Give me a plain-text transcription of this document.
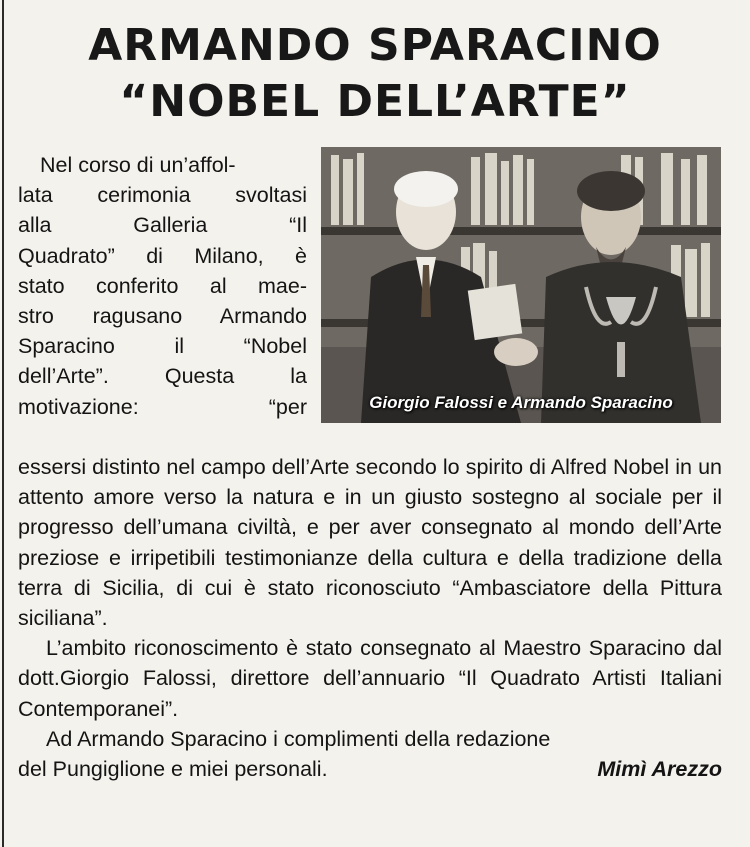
ARMANDO SPARACINO
“NOBEL DELL’ARTE”
Giorgio Falossi e Armando Sparacino
Nel corso di un’affol-
lata cerimonia svoltasi
alla Galleria “Il
Quadrato” di Milano, è
stato conferito al mae-
stro ragusano Armando
Sparacino il “Nobel
dell’Arte”. Questa la
motivazione: “per

essersi distinto nel campo dell’Arte secondo lo spirito di Alfred Nobel in un attento amore verso la natura e in un giusto sostegno al sociale per il progresso dell’umana civiltà, e per aver consegnato al mondo dell’Arte preziose e irripetibili testimonianze della cultura e della tradizione della terra di Sicilia, di cui è stato riconosciuto “Ambasciatore della Pittura siciliana”.

L’ambito riconoscimento è stato consegnato al Maestro Sparacino dal dott.Giorgio Falossi, direttore dell’annuario “Il Quadrato Artisti Italiani Contemporanei”.

Ad Armando Sparacino i complimenti della redazione

del Pungiglione e miei personali.	Mimì Arezzo
